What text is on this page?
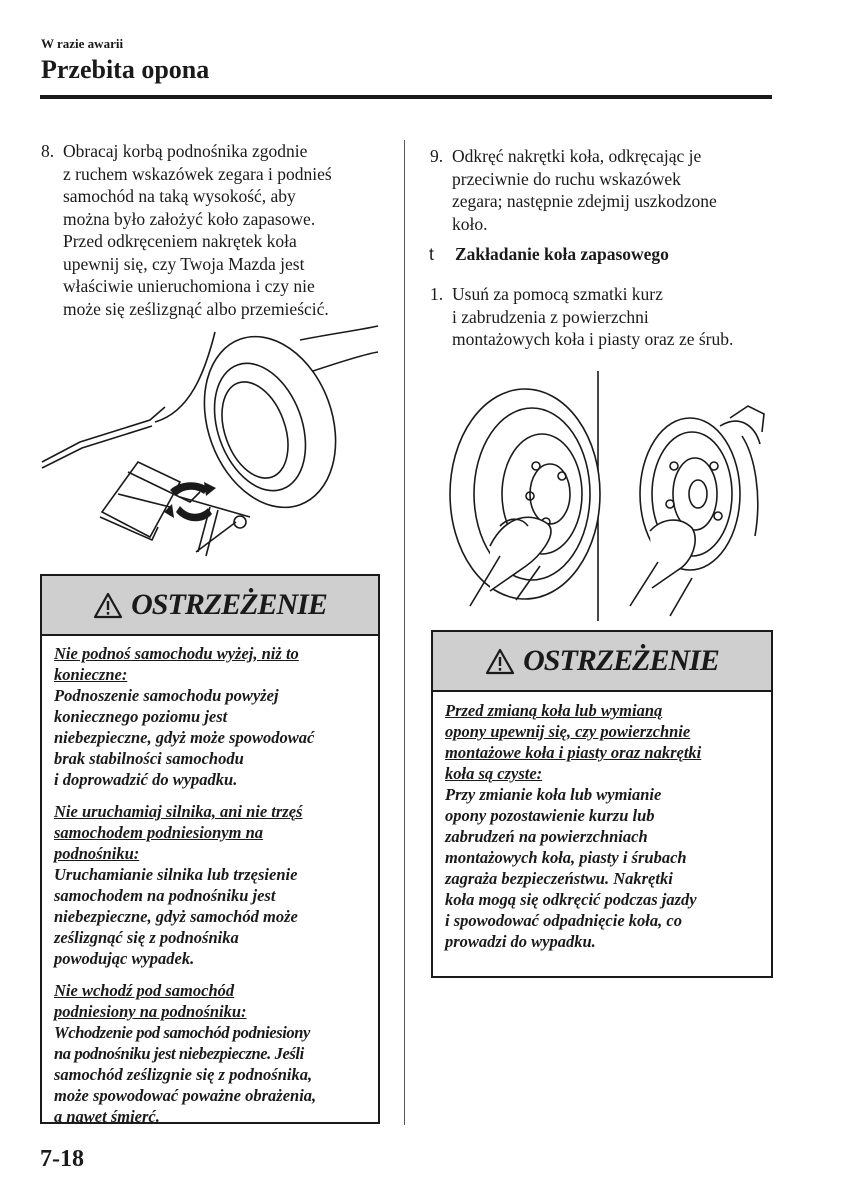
W razie awarii
Przebita opona
8. Obracaj korbą podnośnika zgodnie
z ruchem wskazówek zegara i podnieś
samochód na taką wysokość, aby
można było założyć koło zapasowe.
Przed odkręceniem nakrętek koła
upewnij się, czy Twoja Mazda jest
właściwie unieruchomiona i czy nie
może się ześlizgnąć albo przemieścić.
OSTRZEŻENIE
Nie podnoś samochodu wyżej, niż to
konieczne:
Podnoszenie samochodu powyżej
koniecznego poziomu jest
niebezpieczne, gdyż może spowodować
brak stabilności samochodu
i doprowadzić do wypadku.
Nie uruchamiaj silnika, ani nie trzęś
samochodem podniesionym na
podnośniku:
Uruchamianie silnika lub trzęsienie
samochodem na podnośniku jest
niebezpieczne, gdyż samochód może
ześlizgnąć się z podnośnika
powodując wypadek.
Nie wchodź pod samochód
podniesiony na podnośniku:
Wchodzenie pod samochód podniesiony
na podnośniku jest niebezpieczne. Jeśli
samochód ześlizgnie się z podnośnika,
może spowodować poważne obrażenia,
a nawet śmierć.
9. Odkręć nakrętki koła, odkręcając je
przeciwnie do ruchu wskazówek
zegara; następnie zdejmij uszkodzone
koło.
t Zakładanie koła zapasowego
1. Usuń za pomocą szmatki kurz
i zabrudzenia z powierzchni
montażowych koła i piasty oraz ze śrub.
OSTRZEŻENIE
Przed zmianą koła lub wymianą
opony upewnij się, czy powierzchnie
montażowe koła i piasty oraz nakrętki
koła są czyste:
Przy zmianie koła lub wymianie
opony pozostawienie kurzu lub
zabrudzeń na powierzchniach
montażowych koła, piasty i śrubach
zagraża bezpieczeństwu. Nakrętki
koła mogą się odkręcić podczas jazdy
i spowodować odpadnięcie koła, co
prowadzi do wypadku.
7-18
